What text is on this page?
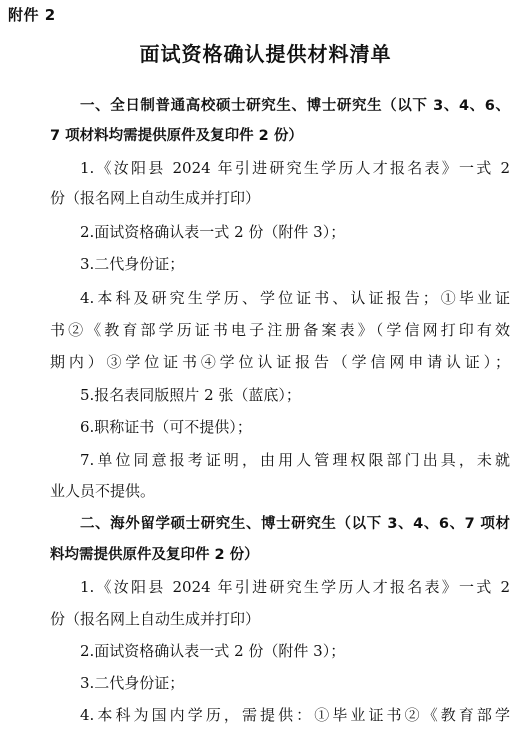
附件 2
面试资格确认提供材料清单
一、全日制普通高校硕士研究生、博士研究生（以下 3、4、6、
7 项材料均需提供原件及复印件 2 份）
1.《汝阳县 2024 年引进研究生学历人才报名表》一式 2
份（报名网上自动生成并打印）
2.面试资格确认表一式 2 份（附件 3）；
3.二代身份证；
4.本科及研究生学历、学位证书、认证报告；①毕业证
书②《教育部学历证书电子注册备案表》（学信网打印有效
期内）③学位证书④学位认证报告（学信网申请认证）；
5.报名表同版照片 2 张（蓝底）；
6.职称证书（可不提供）；
7.单位同意报考证明，由用人管理权限部门出具，未就
业人员不提供。
二、海外留学硕士研究生、博士研究生（以下 3、4、6、7 项材
料均需提供原件及复印件 2 份）
1.《汝阳县 2024 年引进研究生学历人才报名表》一式 2
份（报名网上自动生成并打印）
2.面试资格确认表一式 2 份（附件 3）；
3.二代身份证；
4.本科为国内学历，需提供：①毕业证书②《教育部学
